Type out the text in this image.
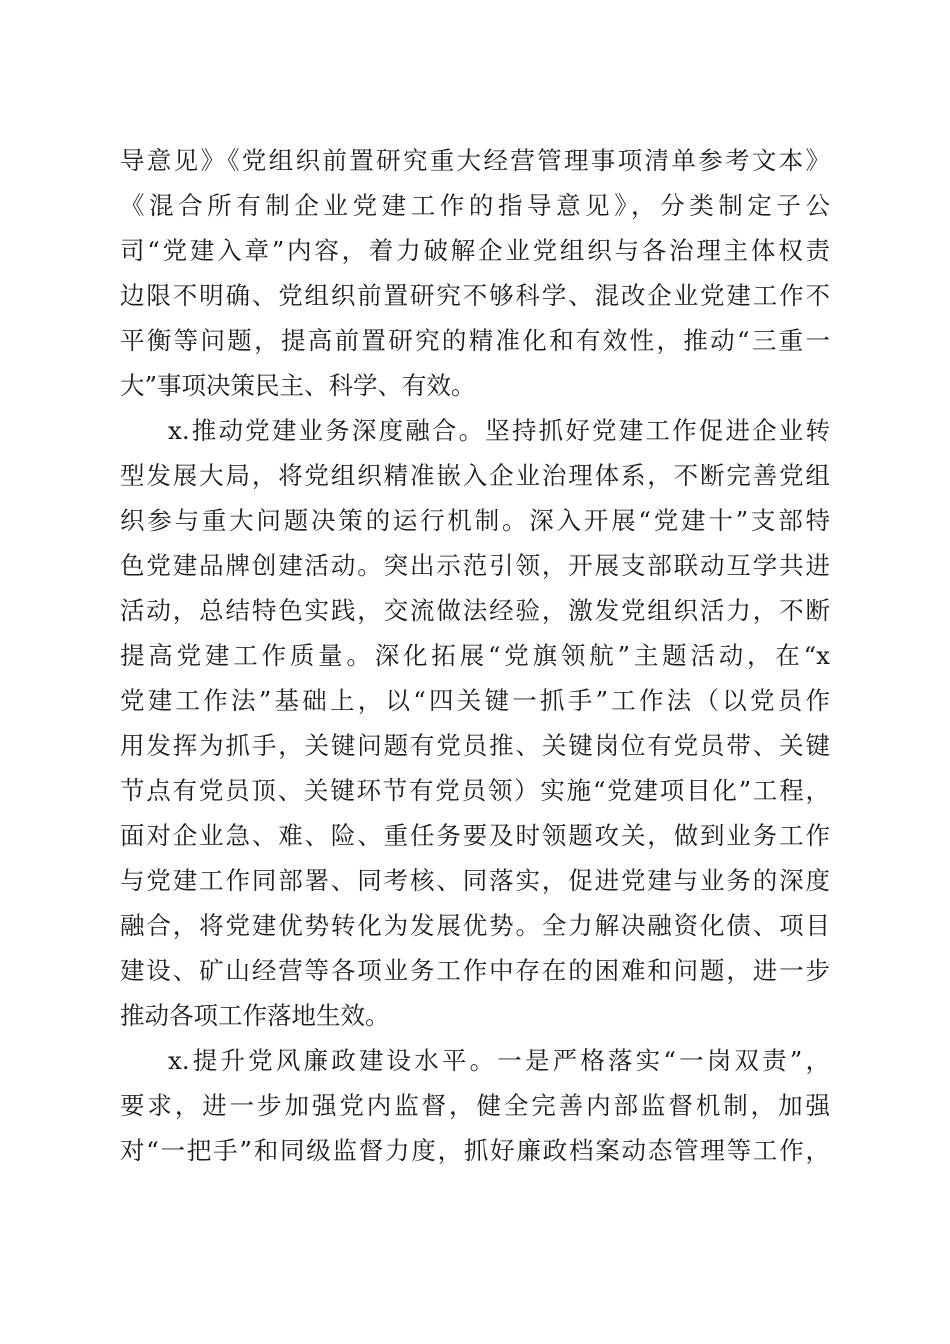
导意见》《党组织前置研究重大经营管理事项清单参考文本》
《混合所有制企业党建工作的指导意见》，分类制定子公
司“党建入章”内容，着力破解企业党组织与各治理主体权责
边限不明确、党组织前置研究不够科学、混改企业党建工作不
平衡等问题，提高前置研究的精准化和有效性，推动“三重一
大”事项决策民主、科学、有效。
x.推动党建业务深度融合。坚持抓好党建工作促进企业转
型发展大局，将党组织精准嵌入企业治理体系，不断完善党组
织参与重大问题决策的运行机制。深入开展“党建十”支部特
色党建品牌创建活动。突出示范引领，开展支部联动互学共进
活动，总结特色实践，交流做法经验，激发党组织活力，不断
提高党建工作质量。深化拓展“党旗领航”主题活动，在“x
党建工作法”基础上，以“四关键一抓手”工作法（以党员作
用发挥为抓手，关键问题有党员推、关键岗位有党员带、关键
节点有党员顶、关键环节有党员领）实施“党建项目化”工程，
面对企业急、难、险、重任务要及时领题攻关，做到业务工作
与党建工作同部署、同考核、同落实，促进党建与业务的深度
融合，将党建优势转化为发展优势。全力解决融资化债、项目
建设、矿山经营等各项业务工作中存在的困难和问题，进一步
推动各项工作落地生效。
x.提升党风廉政建设水平。一是严格落实“一岗双责”，
要求，进一步加强党内监督，健全完善内部监督机制，加强
对“一把手”和同级监督力度，抓好廉政档案动态管理等工作，
